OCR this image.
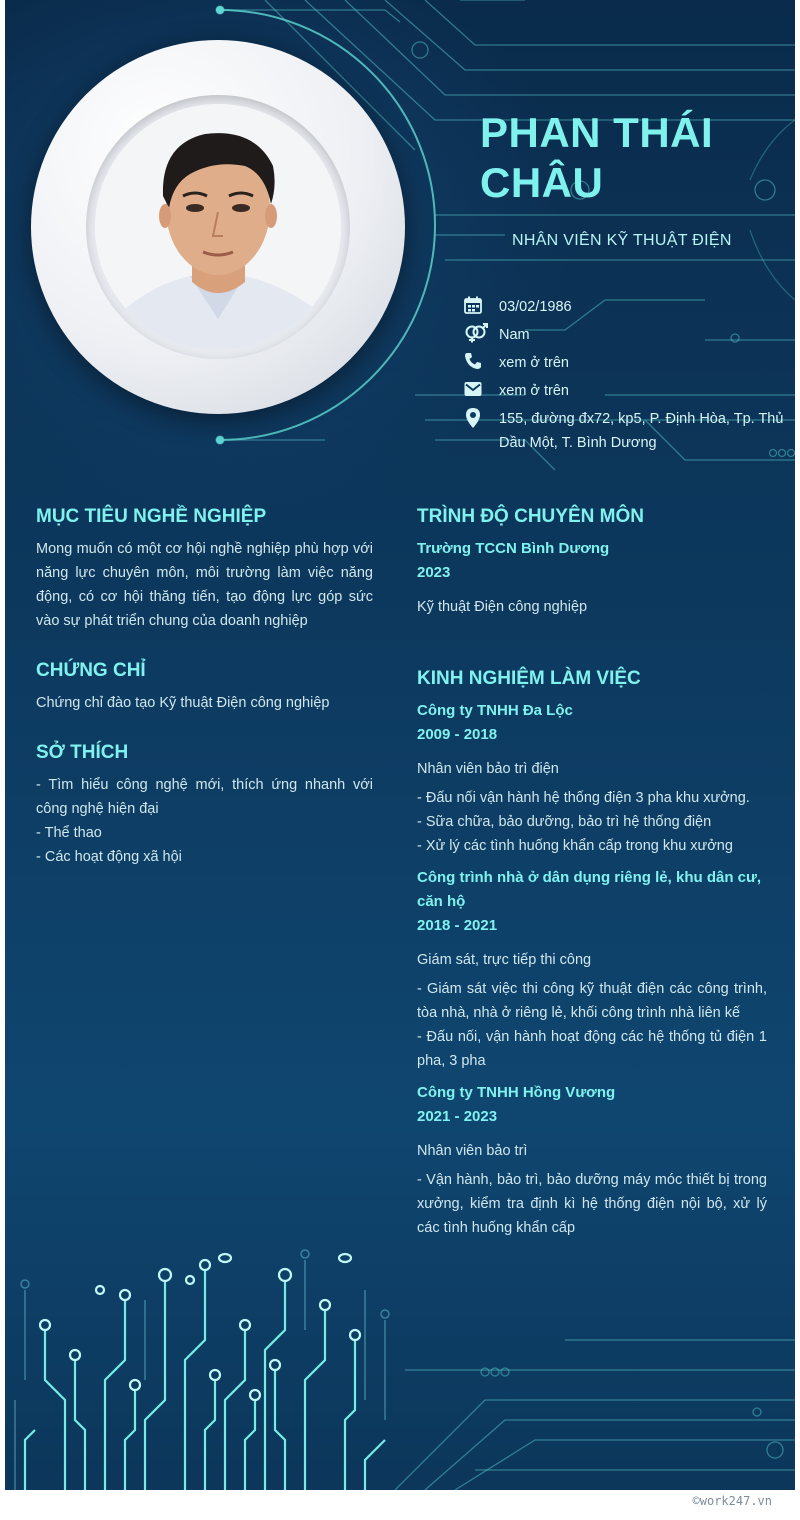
PHAN THÁI CHÂU
NHÂN VIÊN KỸ THUẬT ĐIỆN
03/02/1986
Nam
xem ở trên
xem ở trên
155, đường đx72, kp5, P. Định Hòa, Tp. Thủ Dầu Một, T. Bình Dương
MỤC TIÊU NGHỀ NGHIỆP

Mong muốn có một cơ hội nghề nghiệp phù hợp với năng lực chuyên môn, môi trường làm việc năng động, có cơ hội thăng tiến, tạo động lực góp sức vào sự phát triển chung của doanh nghiệp

CHỨNG CHỈ

Chứng chỉ đào tạo Kỹ thuật Điện công nghiệp

SỞ THÍCH

- Tìm hiểu công nghệ mới, thích ứng nhanh với công nghệ hiện đại

- Thể thao

- Các hoạt động xã hội

TRÌNH ĐỘ CHUYÊN MÔN

Trường TCCN Bình Dương

2023

Kỹ thuật Điện công nghiệp

KINH NGHIỆM LÀM VIỆC

Công ty TNHH Đa Lộc

2009 - 2018

Nhân viên bảo trì điện

- Đấu nối vận hành hệ thống điện 3 pha khu xưởng.

- Sữa chữa, bảo dưỡng, bảo trì hệ thống điện

- Xử lý các tình huống khẩn cấp trong khu xưởng

Công trình nhà ở dân dụng riêng lẻ, khu dân cư, căn hộ

2018 - 2021

Giám sát, trực tiếp thi công

- Giám sát việc thi công kỹ thuật điện các công trình, tòa nhà, nhà ở riêng lẻ, khối công trình nhà liên kế

- Đấu nối, vận hành hoạt động các hệ thống tủ điện 1 pha, 3 pha

Công ty TNHH Hồng Vương

2021 - 2023

Nhân viên bảo trì

- Vận hành, bảo trì, bảo dưỡng máy móc thiết bị trong xưởng, kiểm tra định kì hệ thống điện nội bộ, xử lý các tình huống khẩn cấp

©work247.vn
